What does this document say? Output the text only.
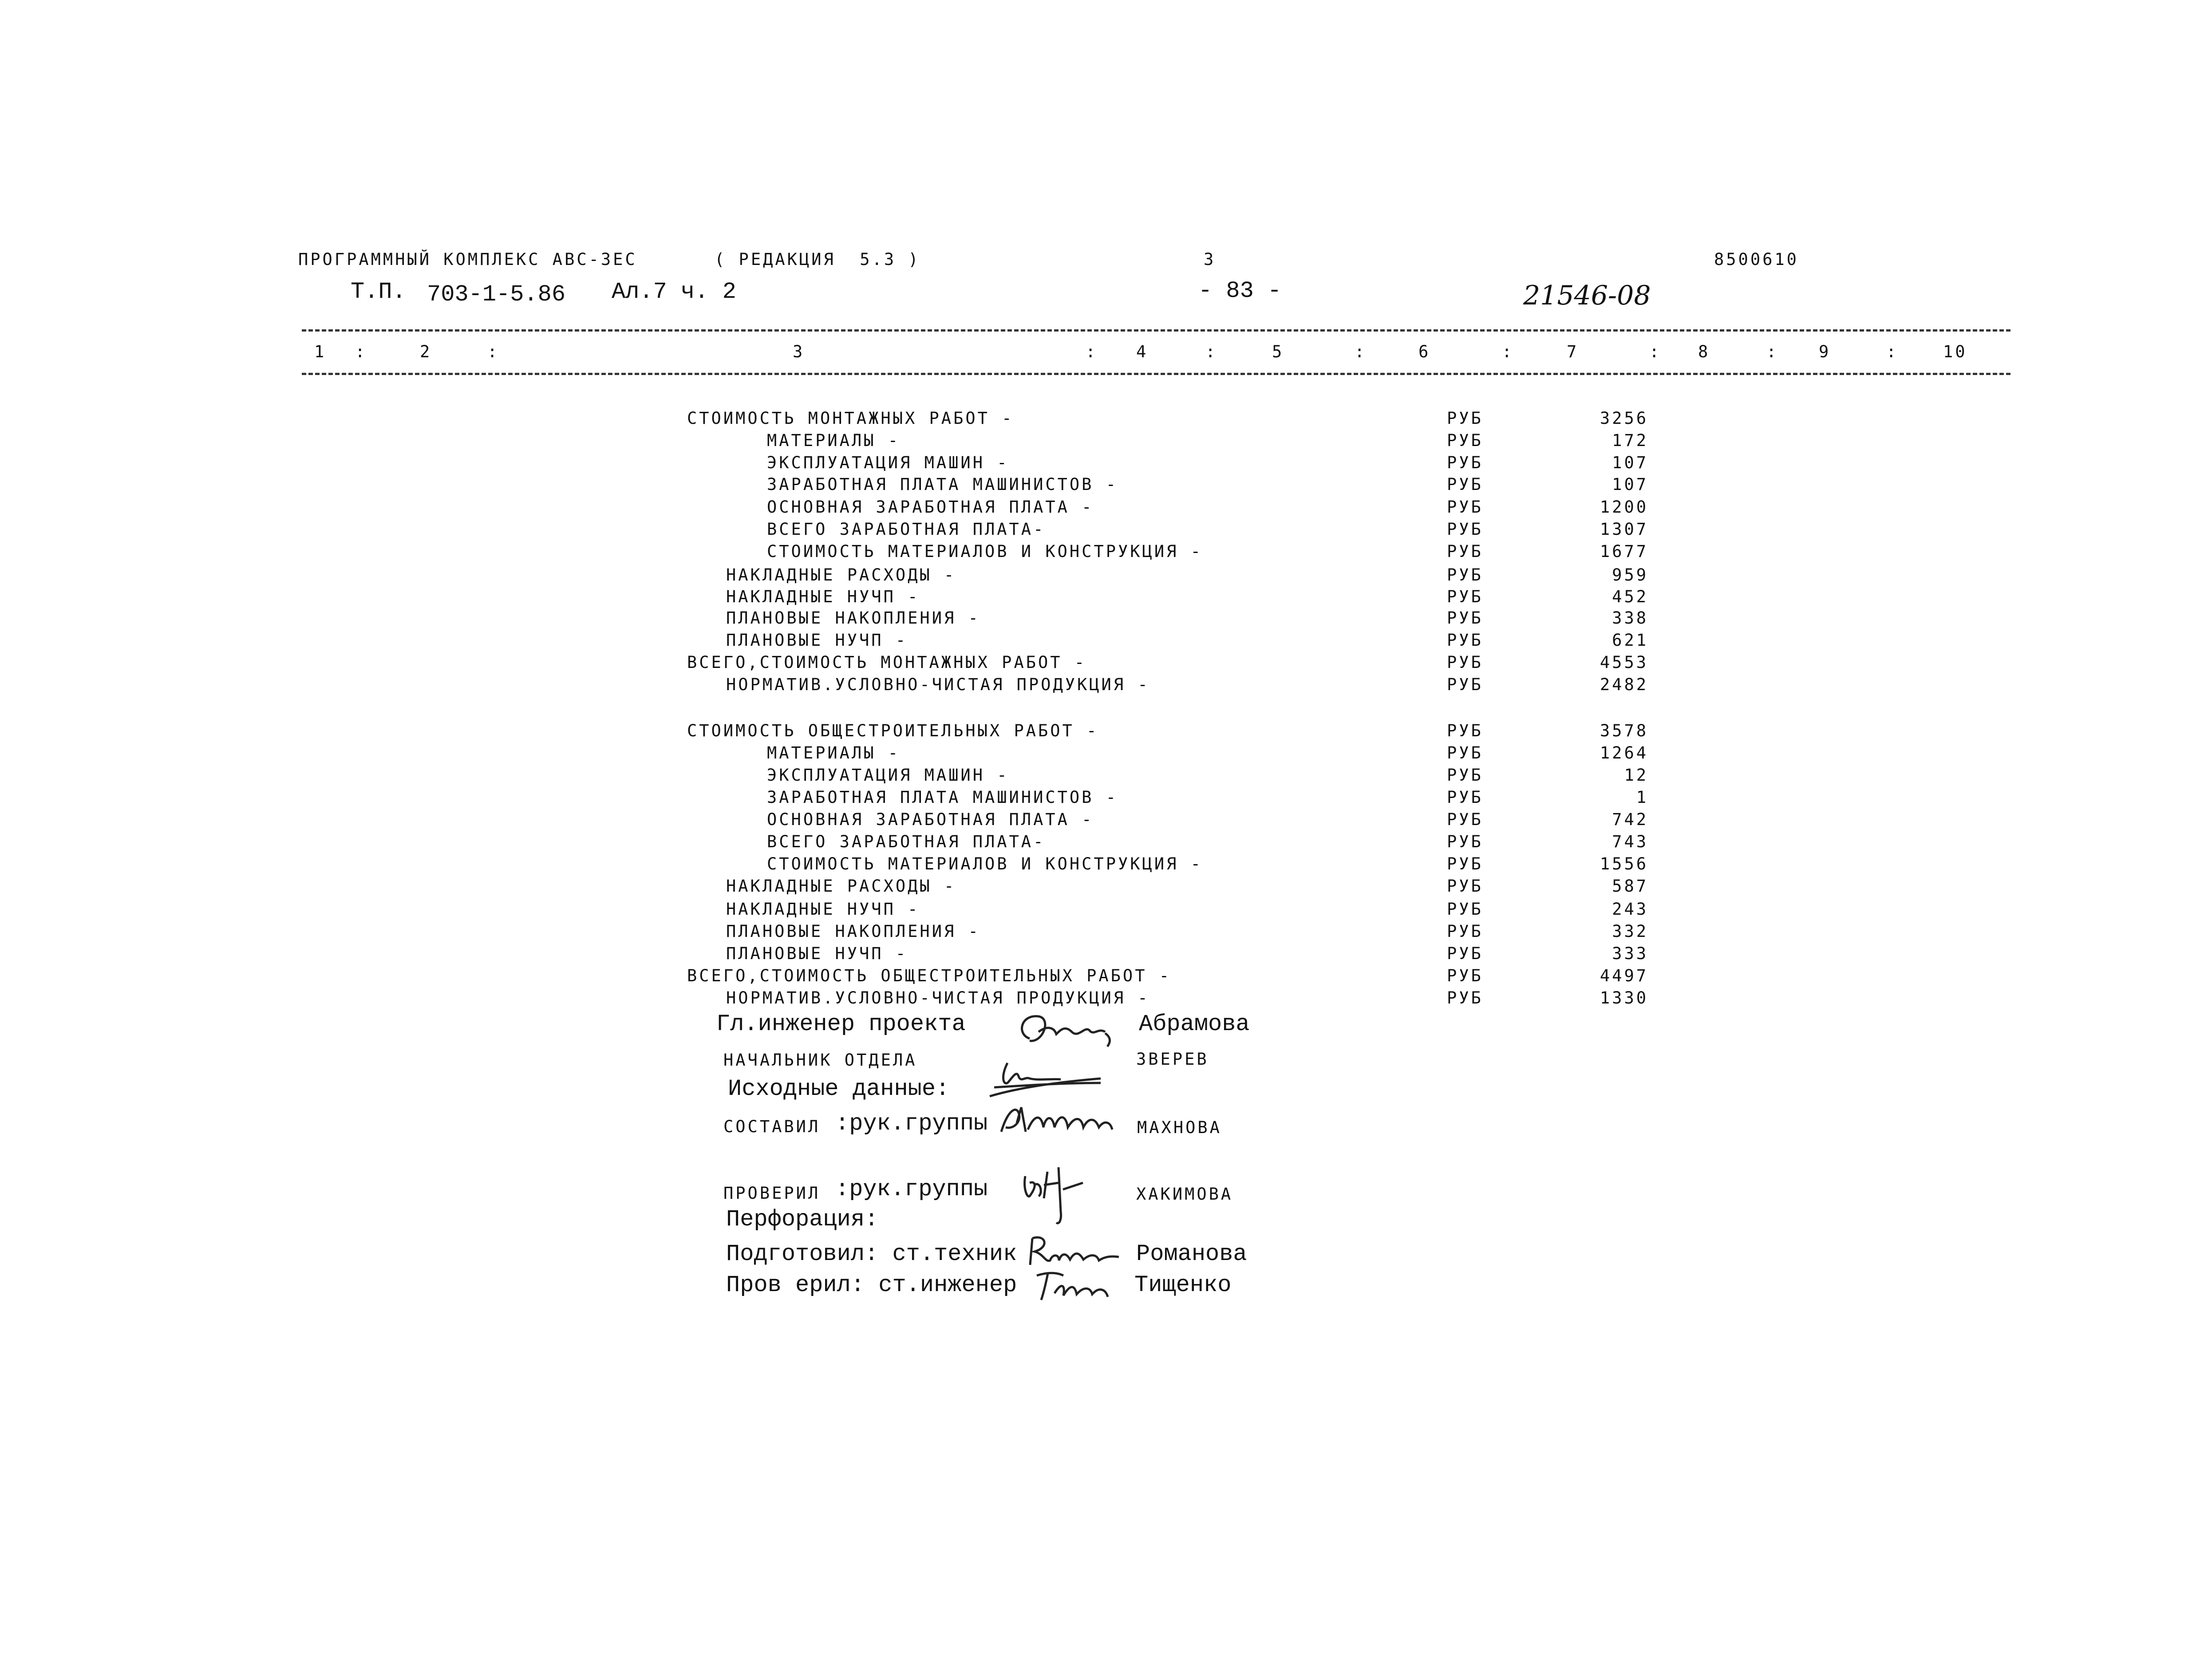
ПРОГРАММНЫЙ КОМПЛЕКС АВС-ЗЕС	( РЕДАКЦИЯ  5.3 )	3	8500610
Т.П. 703-1-5.86 Ал.7 ч. 2	- 83 -	21546-08
1 :	2	:	3	: 4	:	5	:	6	:	7	: 8	: 9	:	10
СТОИМОСТЬ МОНТАЖНЫХ РАБОТ -	РУБ	3256
МАТЕРИАЛЫ -	РУБ	172
ЭКСПЛУАТАЦИЯ МАШИН -	РУБ	107
ЗАРАБОТНАЯ ПЛАТА МАШИНИСТОВ -	РУБ	107
ОСНОВНАЯ ЗАРАБОТНАЯ ПЛАТА -	РУБ	1200
ВСЕГО ЗАРАБОТНАЯ ПЛАТА-	РУБ	1307
СТОИМОСТЬ МАТЕРИАЛОВ И КОНСТРУКЦИЯ -	РУБ	1677
НАКЛАДНЫЕ РАСХОДЫ -	РУБ	959
НАКЛАДНЫЕ НУЧП -	РУБ	452
ПЛАНОВЫЕ НАКОПЛЕНИЯ -	РУБ	338
ПЛАНОВЫЕ НУЧП -	РУБ	621
ВСЕГО,СТОИМОСТЬ МОНТАЖНЫХ РАБОТ -	РУБ	4553
НОРМАТИВ.УСЛОВНО-ЧИСТАЯ ПРОДУКЦИЯ -	РУБ	2482
СТОИМОСТЬ ОБЩЕСТРОИТЕЛЬНЫХ РАБОТ -	РУБ	3578
МАТЕРИАЛЫ -	РУБ	1264
ЭКСПЛУАТАЦИЯ МАШИН -	РУБ	12
ЗАРАБОТНАЯ ПЛАТА МАШИНИСТОВ -	РУБ	1
ОСНОВНАЯ ЗАРАБОТНАЯ ПЛАТА -	РУБ	742
ВСЕГО ЗАРАБОТНАЯ ПЛАТА-	РУБ	743
СТОИМОСТЬ МАТЕРИАЛОВ И КОНСТРУКЦИЯ -	РУБ	1556
НАКЛАДНЫЕ РАСХОДЫ -	РУБ	587
НАКЛАДНЫЕ НУЧП -	РУБ	243
ПЛАНОВЫЕ НАКОПЛЕНИЯ -	РУБ	332
ПЛАНОВЫЕ НУЧП -	РУБ	333
ВСЕГО,СТОИМОСТЬ ОБЩЕСТРОИТЕЛЬНЫХ РАБОТ -	РУБ	4497
НОРМАТИВ.УСЛОВНО-ЧИСТАЯ ПРОДУКЦИЯ -	РУБ	1330
Гл.инженер проекта	Абрамова
НАЧАЛЬНИК ОТДЕЛА	ЗВЕРЕВ
Исходные данные:
СОСТАВИЛ :рук.группы	МАХНОВА
ПРОВЕРИЛ :рук.группы	ХАКИМОВА
Перфорация:
Подготовил: ст.техник	Романова
Пров ерил: ст.инженер	Тищенко
